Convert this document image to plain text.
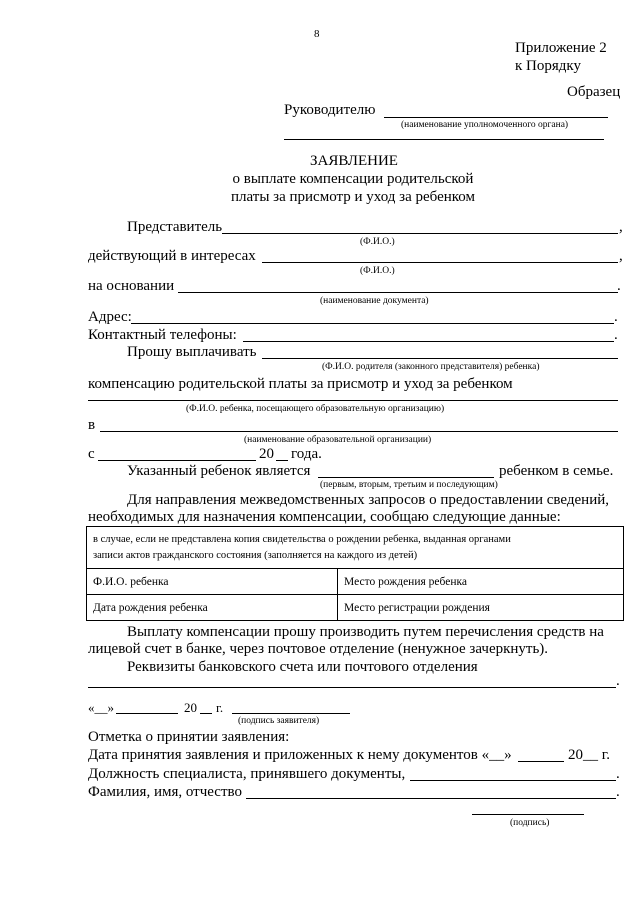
8
Приложение 2
к Порядку
Образец
Руководителю
(наименование уполномоченного органа)
ЗАЯВЛЕНИЕ
о выплате компенсации родительской
платы за присмотр и уход за ребенком
Представитель	,
(Ф.И.О.)
действующий в интересах	,
(Ф.И.О.)
на основании	.
(наименование документа)
Адрес:	.
Контактный телефоны:	.
Прошу выплачивать
(Ф.И.О. родителя (законного представителя) ребенка)
компенсацию родительской платы за присмотр и уход за ребенком
(Ф.И.О. ребенка, посещающего образовательную организацию)
в
(наименование образовательной организации)
с	20 года.
Указанный ребенок является	ребенком в семье.
(первым, вторым, третьим и последующим)
Для направления межведомственных запросов о предоставлении сведений,
необходимых для назначения компенсации, сообщаю следующие данные:
в случае, если не представлена копия свидетельства о рождении ребенка, выданная органами
записи актов гражданского состояния (заполняется на каждого из детей)	
Ф.И.О. ребенка	Место рождения ребенка
Дата рождения ребенка	Место регистрации рождения
Выплату компенсации прошу производить путем перечисления средств на
лицевой счет в банке, через почтовое отделение (ненужное зачеркнуть).
Реквизиты банковского счета или почтового отделения
.
«__»	20 г.
(подпись заявителя)
Отметка о принятии заявления:
Дата принятия заявления и приложенных к нему документов «__»	20__ г.
Должность специалиста, принявшего документы,	.
Фамилия, имя, отчество	.
(подпись)
